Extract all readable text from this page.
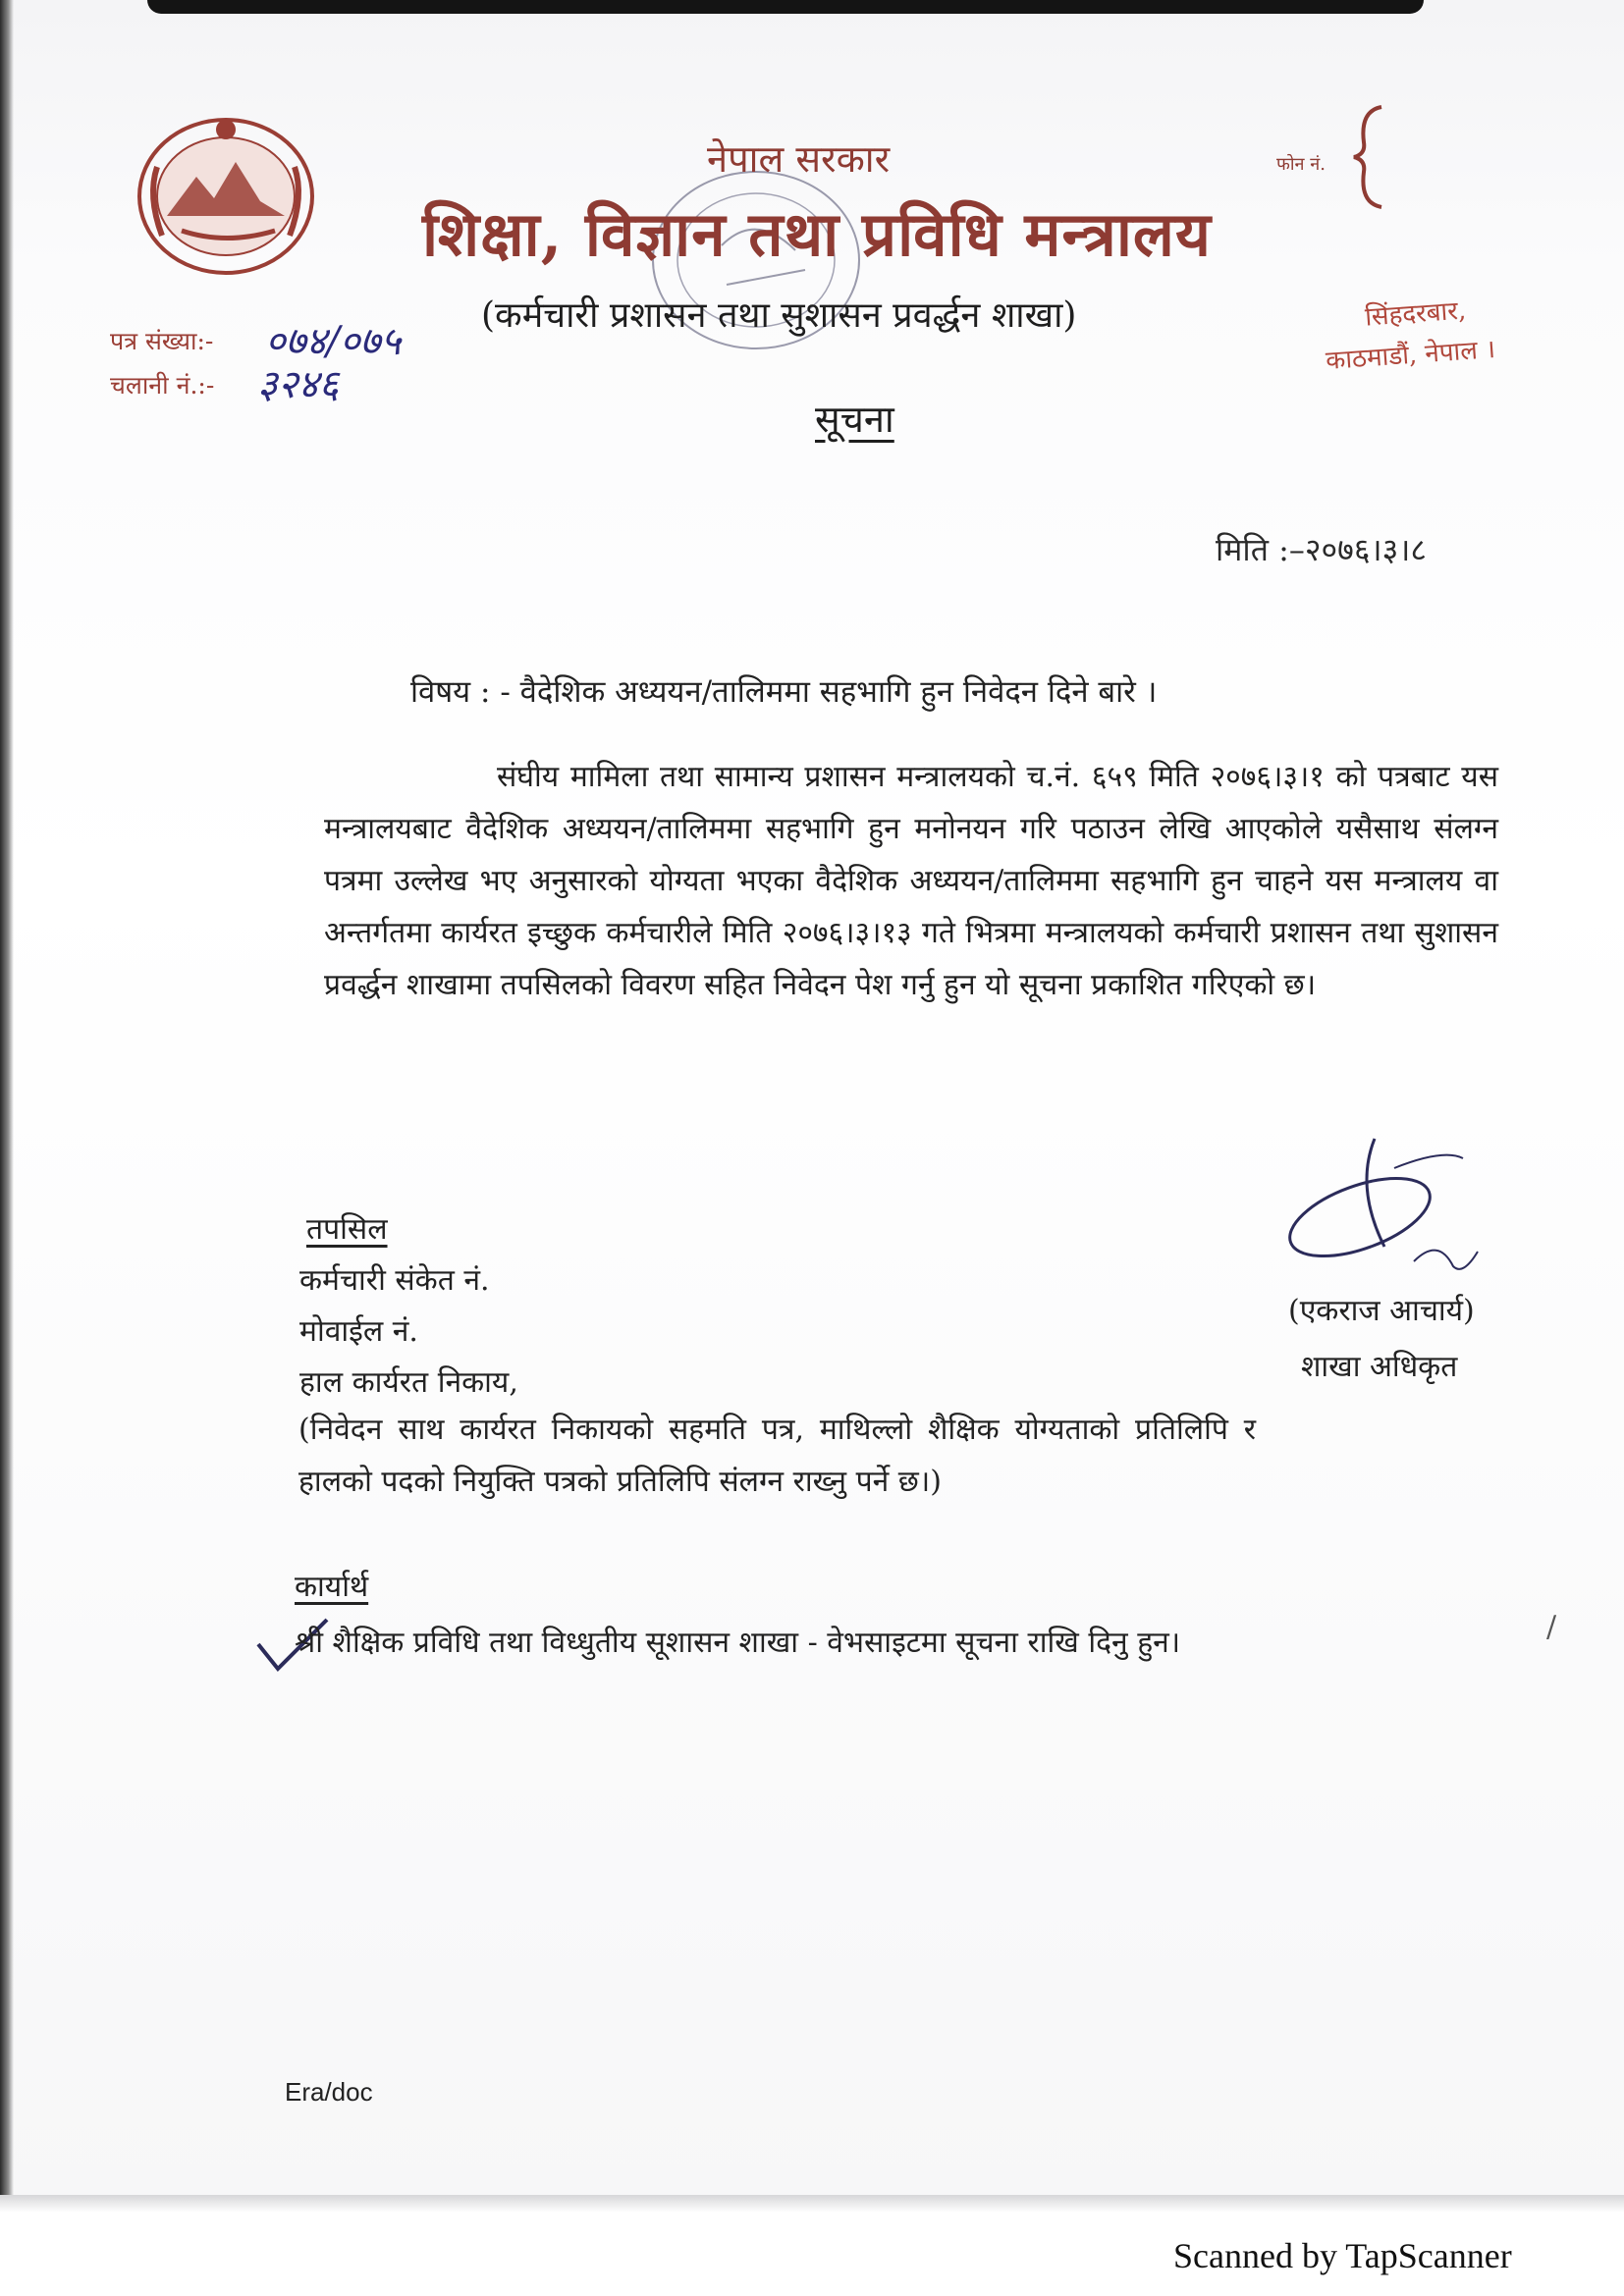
नेपाल सरकार
शिक्षा, विज्ञान तथा प्रविधि मन्त्रालय
(कर्मचारी प्रशासन तथा सुशासन प्रवर्द्धन शाखा)
फोन नं.
सिंहदरबार,
काठमाडौं, नेपाल ।
पत्र संख्या:- ०७४/०७५
चलानी नं.:- ३२४६
सूचना
मिति :–२०७६।३।८
विषय : - वैदेशिक अध्ययन/तालिममा सहभागि हुन निवेदन दिने बारे ।
संघीय मामिला तथा सामान्य प्रशासन मन्त्रालयको च.नं. ६५९ मिति २०७६।३।१ को पत्रबाट यस मन्त्रालयबाट वैदेशिक अध्ययन/तालिममा सहभागि हुन मनोनयन गरि पठाउन लेखि आएकोले यसैसाथ संलग्न पत्रमा उल्लेख भए अनुसारको योग्यता भएका वैदेशिक अध्ययन/तालिममा सहभागि हुन चाहने यस मन्त्रालय वा अन्तर्गतमा कार्यरत इच्छुक कर्मचारीले मिति २०७६।३।१३ गते भित्रमा मन्त्रालयको कर्मचारी प्रशासन तथा सुशासन प्रवर्द्धन शाखामा तपसिलको विवरण सहित निवेदन पेश गर्नु हुन यो सूचना प्रकाशित गरिएको छ।
(एकराज आचार्य)
शाखा अधिकृत
तपसिल
कर्मचारी संकेत नं.
मोवाईल नं.
हाल कार्यरत निकाय,
(निवेदन साथ कार्यरत निकायको सहमति पत्र, माथिल्लो शैक्षिक योग्यताको प्रतिलिपि र हालको पदको नियुक्ति पत्रको प्रतिलिपि संलग्न राख्नु पर्ने छ।)
कार्यार्थ
श्री शैक्षिक प्रविधि तथा विध्धुतीय सूशासन शाखा - वेभसाइटमा सूचना राखि दिनु हुन।	/
Era/doc
Scanned by TapScanner
